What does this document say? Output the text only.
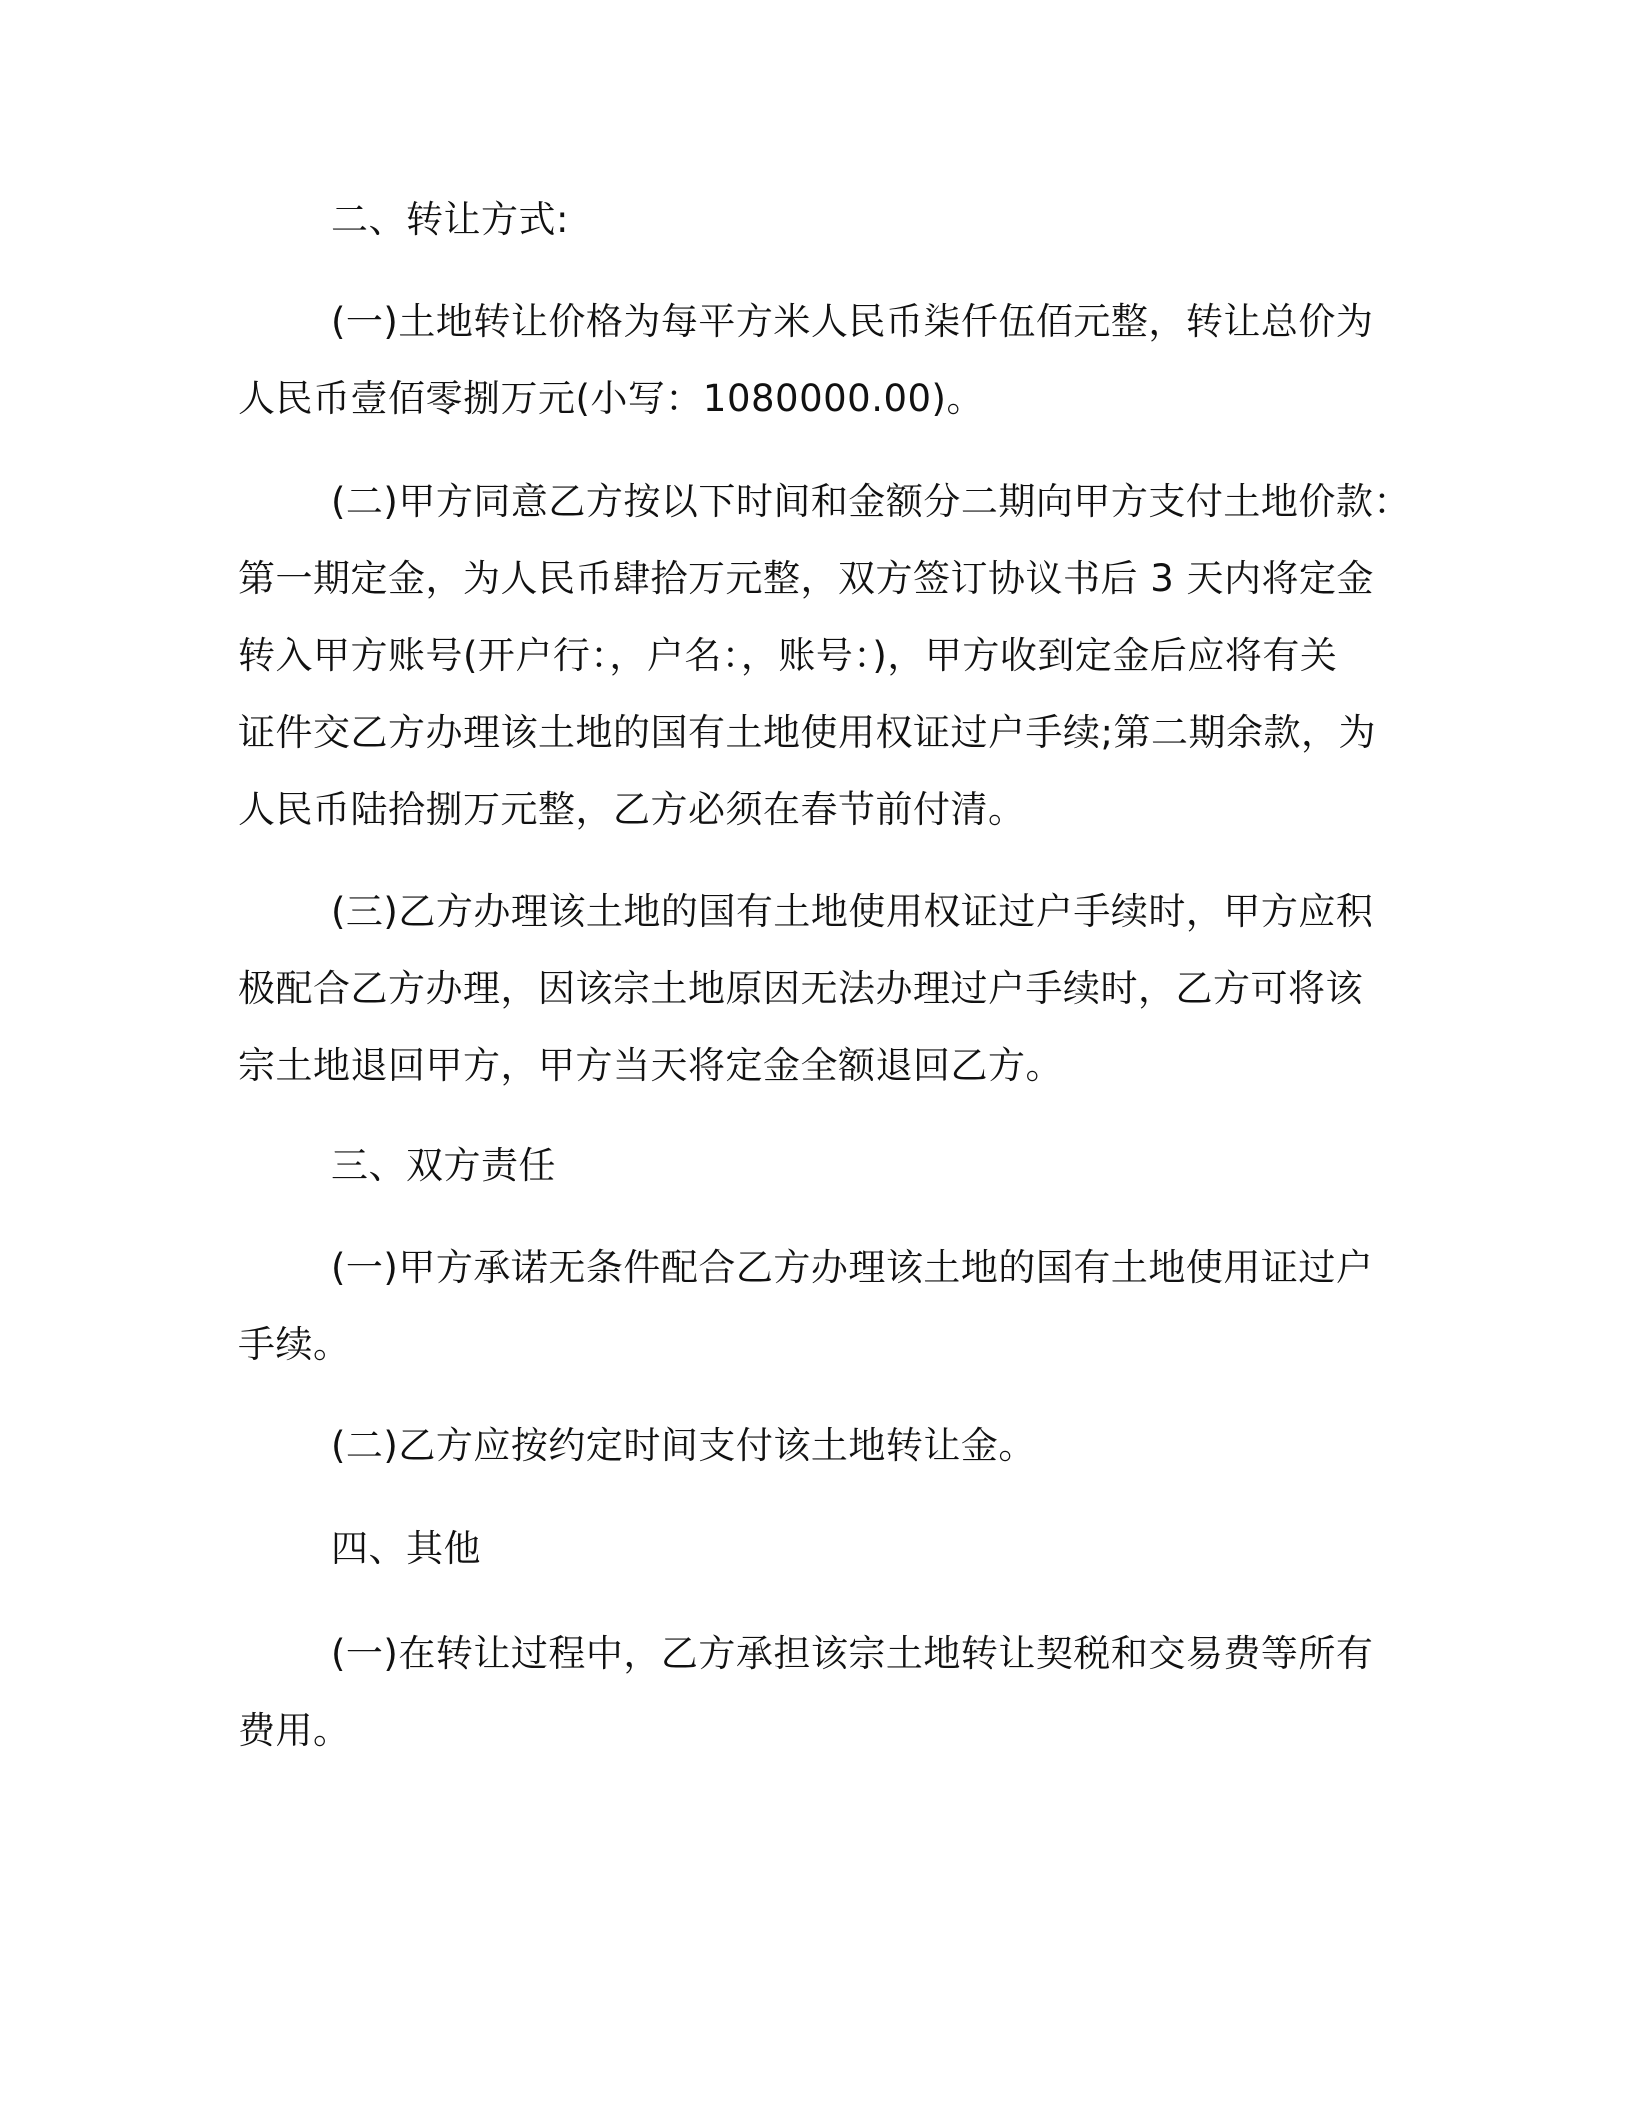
二、转让方式:
(一)土地转让价格为每平方米人民币柒仟伍佰元整，转让总价为
人民币壹佰零捌万元(小写：1080000.00)。
(二)甲方同意乙方按以下时间和金额分二期向甲方支付土地价款：
第一期定金，为人民币肆拾万元整，双方签订协议书后 3 天内将定金
转入甲方账号(开户行：，户名：，账号：)，甲方收到定金后应将有关
证件交乙方办理该土地的国有土地使用权证过户手续;第二期余款，为
人民币陆拾捌万元整，乙方必须在春节前付清。
(三)乙方办理该土地的国有土地使用权证过户手续时，甲方应积
极配合乙方办理，因该宗土地原因无法办理过户手续时，乙方可将该
宗土地退回甲方，甲方当天将定金全额退回乙方。
三、双方责任
(一)甲方承诺无条件配合乙方办理该土地的国有土地使用证过户
手续。
(二)乙方应按约定时间支付该土地转让金。
四、其他
(一)在转让过程中，乙方承担该宗土地转让契税和交易费等所有
费用。
